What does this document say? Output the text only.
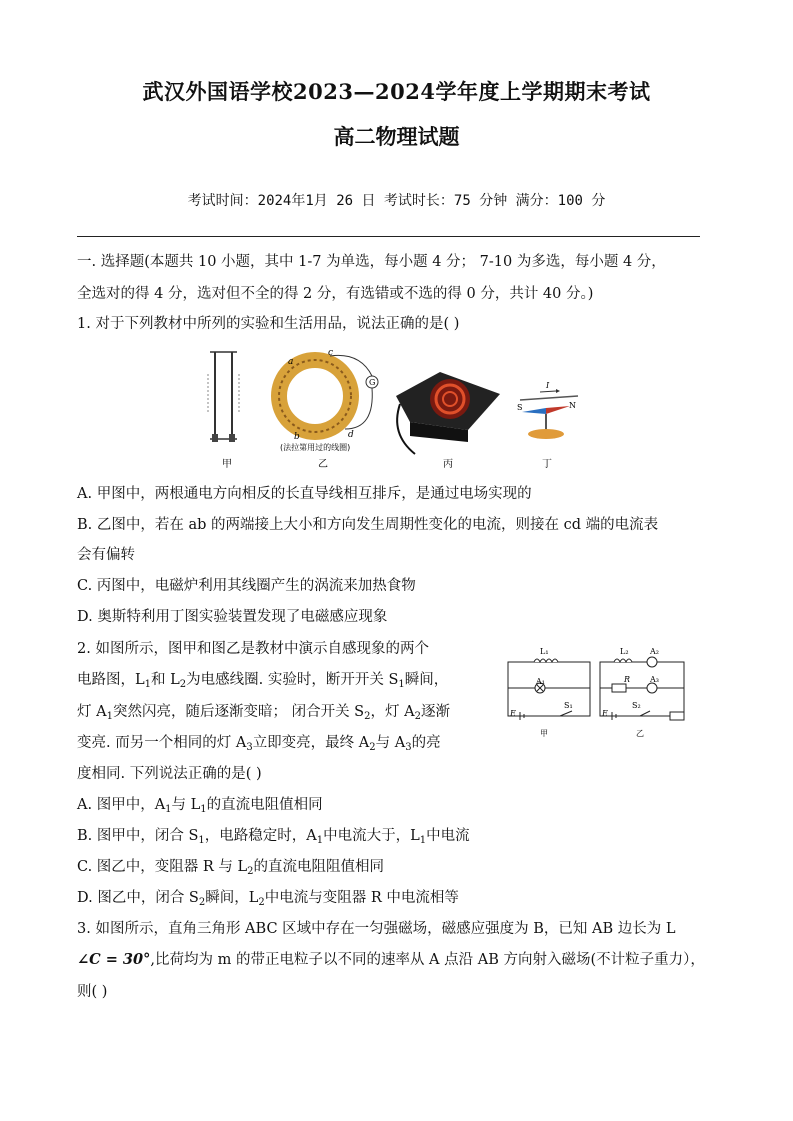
武汉外国语学校2023—2024学年度上学期期末考试
高二物理试题
考试时间：2024年1月 26 日 考试时长：75 分钟 满分：100 分
一. 选择题(本题共 10 小题，其中 1-7 为单选，每小题 4 分； 7-10 为多选，每小题 4 分，
全选对的得 4 分，选对但不全的得 2 分，有选错或不选的得 0 分，共计 40 分。)
1. 对于下列教材中所列的实验和生活用品，说法正确的是( )
甲
a
c
b	d
G
(法拉第用过的线圈)
乙	丙
I
S	N
丁
A. 甲图中，两根通电方向相反的长直导线相互排斥，是通过电场实现的
B. 乙图中，若在 ab 的两端接上大小和方向发生周期性变化的电流，则接在 cd 端的电流表
会有偏转
C. 丙图中，电磁炉利用其线圈产生的涡流来加热食物
D. 奥斯特利用丁图实验装置发现了电磁感应现象
2. 如图所示，图甲和图乙是教材中演示自感现象的两个
电路图，$L_1$和 $L_2$为电感线圈. 实验时，断开开关 $S_1$瞬间，
灯 $A_1$突然闪亮，随后逐渐变暗； 闭合开关 $S_2$，灯 $A_2$逐渐
变亮. 而另一个相同的灯 $A_3$立即变亮，最终 $A_2$与 $A_3$的亮
度相同. 下列说法正确的是( )
L₁
A₁
E
S₁
L₂	A₂
A₃
R
E
S₂
甲	乙
A. 图甲中，$A_1$与 $L_1$的直流电阻值相同
B. 图甲中，闭合 $S_1$，电路稳定时，$A_1$中电流大于，$L_1$中电流
C. 图乙中，变阻器 R 与 $L_2$的直流电阻阻值相同
D. 图乙中，闭合 $S_2$瞬间，$L_2$中电流与变阻器 R 中电流相等
3. 如图所示，直角三角形 ABC 区域中存在一匀强磁场，磁感应强度为 B，已知 AB 边长为 L
∠C = 30°,比荷均为 m 的带正电粒子以不同的速率从 A 点沿 AB 方向射入磁场(不计粒子重力），
则( )
